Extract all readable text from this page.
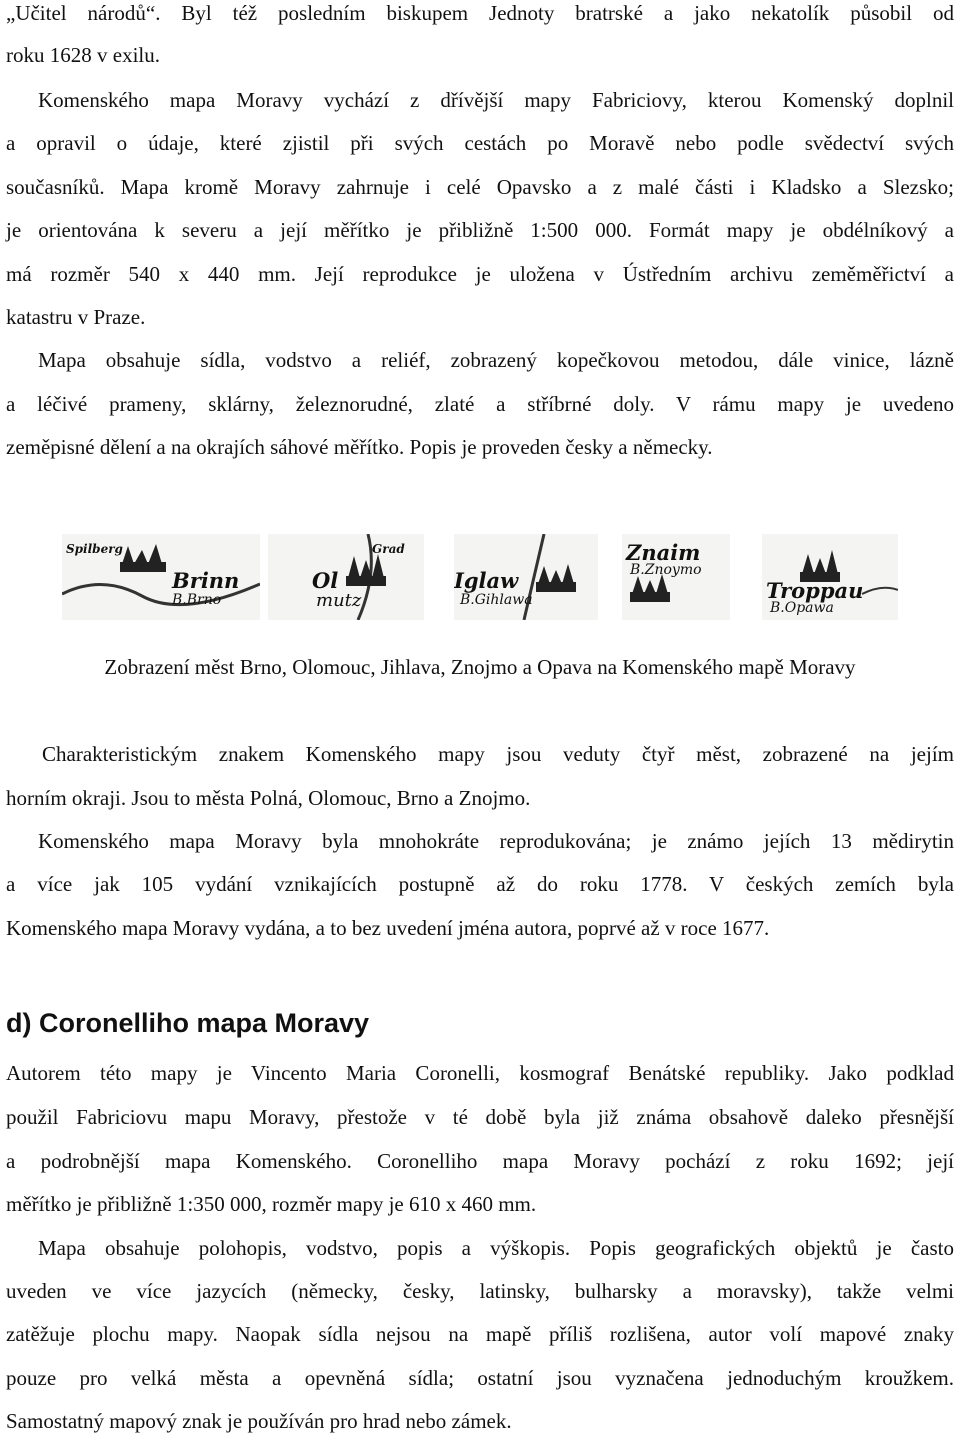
„Učitel národů“. Byl též posledním biskupem Jednoty bratrské a jako nekatolík působil od
roku 1628 v exilu.
Komenského mapa Moravy vychází z dřívější mapy Fabriciovy, kterou Komenský doplnil
a opravil o údaje, které zjistil při svých cestách po Moravě nebo podle svědectví svých
současníků. Mapa kromě Moravy zahrnuje i celé Opavsko a z malé části i Kladsko a Slezsko;
je orientována k severu a její měřítko je přibližně 1:500 000. Formát mapy je obdélníkový a
má rozměr 540 x 440 mm. Její reprodukce je uložena v Ústředním archivu zeměměřictví a
katastru v Praze.
Mapa obsahuje sídla, vodstvo a reliéf, zobrazený kopečkovou metodou, dále vinice, lázně
a léčivé prameny, sklárny, železnorudné, zlaté a stříbrné doly. V rámu mapy je uvedeno
zeměpisné dělení a na okrajích sáhové měřítko. Popis je proveden česky a německy.
Spilberg
Brinn
B.Brno
Grad
Ol
mutz
Iglaw
B.Gihlawa
Znaim
B.Znoymo
Troppau
B.Opawa
Zobrazení měst Brno, Olomouc, Jihlava, Znojmo a Opava na Komenského mapě Moravy
Charakteristickým znakem Komenského mapy jsou veduty čtyř měst, zobrazené na jejím
horním okraji. Jsou to města Polná, Olomouc, Brno a Znojmo.
Komenského mapa Moravy byla mnohokráte reprodukována; je známo jejích 13 mědirytin
a více jak 105 vydání vznikajících postupně až do roku 1778. V českých zemích byla
Komenského mapa Moravy vydána, a to bez uvedení jména autora, poprvé až v roce 1677.
d) Coronelliho mapa Moravy
Autorem této mapy je Vincento Maria Coronelli, kosmograf Benátské republiky. Jako podklad
použil Fabriciovu mapu Moravy, přestože v té době byla již známa obsahově daleko přesnější
a podrobnější mapa Komenského. Coronelliho mapa Moravy pochází z roku 1692; její
měřítko je přibližně 1:350 000, rozměr mapy je 610 x 460 mm.
Mapa obsahuje polohopis, vodstvo, popis a výškopis. Popis geografických objektů je často
uveden ve více jazycích (německy, česky, latinsky, bulharsky a moravsky), takže velmi
zatěžuje plochu mapy. Naopak sídla nejsou na mapě příliš rozlišena, autor volí mapové znaky
pouze pro velká města a opevněná sídla; ostatní jsou vyznačena jednoduchým kroužkem.
Samostatný mapový znak je používán pro hrad nebo zámek.
